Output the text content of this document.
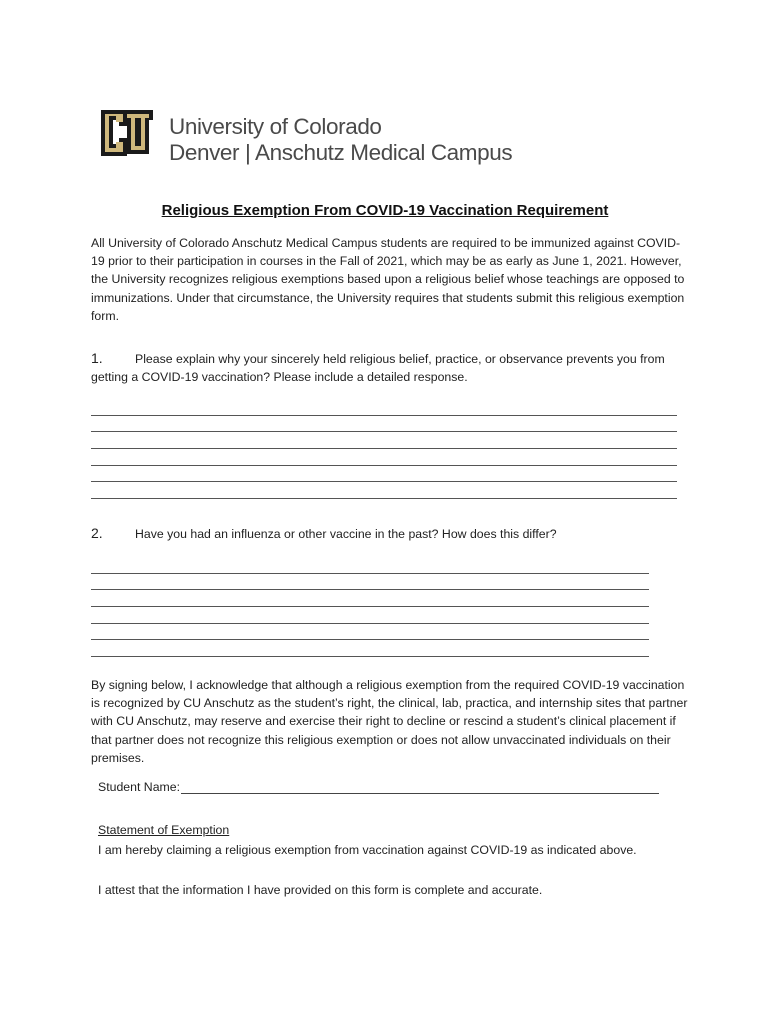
University of Colorado
Denver | Anschutz Medical Campus
Religious Exemption From COVID-19 Vaccination Requirement
All University of Colorado Anschutz Medical Campus students are required to be immunized against COVID-19 prior to their participation in courses in the Fall of 2021, which may be as early as June 1, 2021. However, the University recognizes religious exemptions based upon a religious belief whose teachings are opposed to immunizations. Under that circumstance, the University requires that students submit this religious exemption form.
1.	Please explain why your sincerely held religious belief, practice, or observance prevents you from getting a COVID-19 vaccination? Please include a detailed response.
2.	Have you had an influenza or other vaccine in the past? How does this differ?
By signing below, I acknowledge that although a religious exemption from the required COVID-19 vaccination is recognized by CU Anschutz as the student’s right, the clinical, lab, practica, and internship sites that partner with CU Anschutz, may reserve and exercise their right to decline or rescind a student’s clinical placement if that partner does not recognize this religious exemption or does not allow unvaccinated individuals on their premises.
Student Name:
Statement of Exemption
I am hereby claiming a religious exemption from vaccination against COVID-19 as indicated above.
I attest that the information I have provided on this form is complete and accurate.
